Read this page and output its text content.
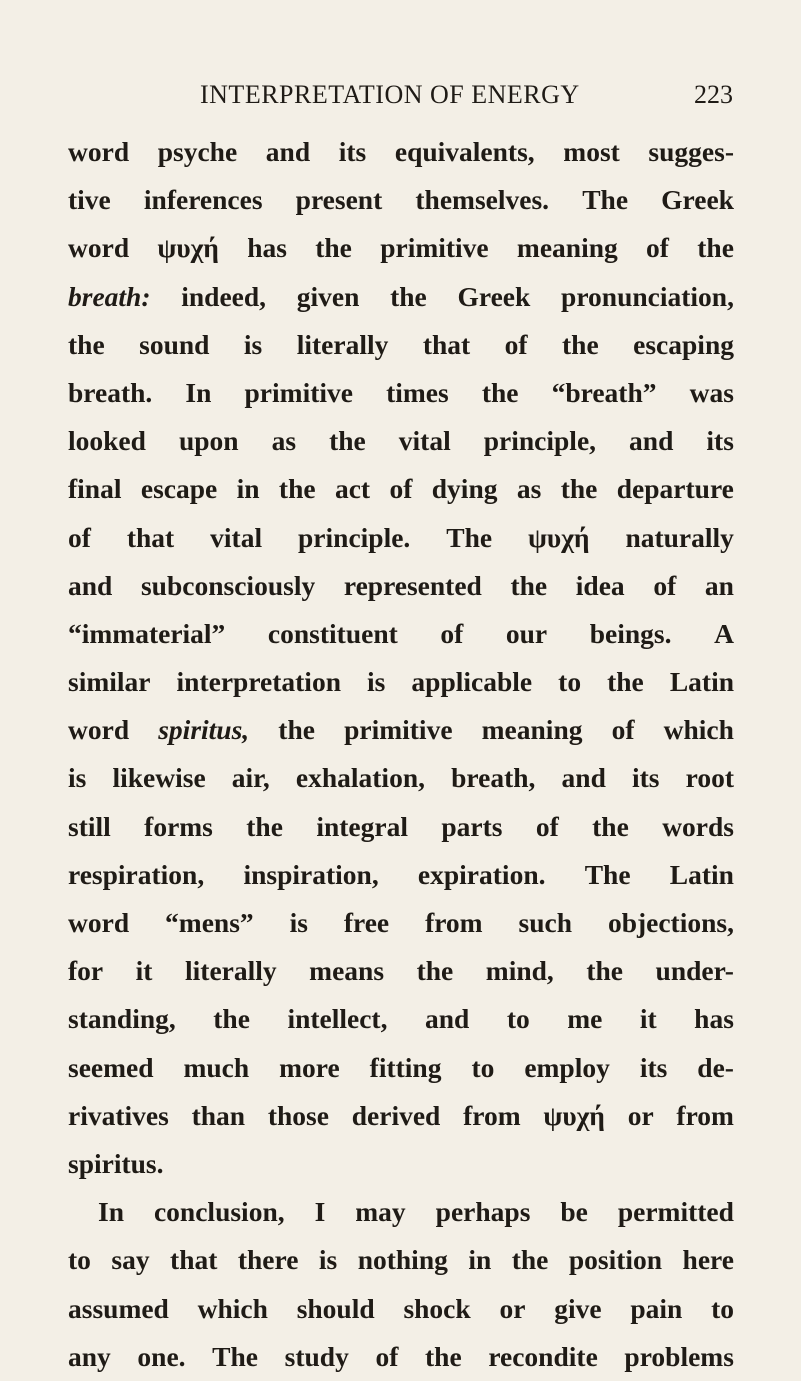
INTERPRETATION OF ENERGY	223
word psyche and its equivalents, most sugges-
tive inferences present themselves. The Greek
word ψυχή has the primitive meaning of the
breath: indeed, given the Greek pronunciation,
the sound is literally that of the escaping
breath. In primitive times the “breath” was
looked upon as the vital principle, and its
final escape in the act of dying as the departure
of that vital principle. The ψυχή naturally
and subconsciously represented the idea of an
“immaterial” constituent of our beings. A
similar interpretation is applicable to the Latin
word spiritus, the primitive meaning of which
is likewise air, exhalation, breath, and its root
still forms the integral parts of the words
respiration, inspiration, expiration. The Latin
word “mens” is free from such objections,
for it literally means the mind, the under-
standing, the intellect, and to me it has
seemed much more fitting to employ its de-
rivatives than those derived from ψυχή or from
spiritus.
In conclusion, I may perhaps be permitted
to say that there is nothing in the position here
assumed which should shock or give pain to
any one. The study of the recondite problems
